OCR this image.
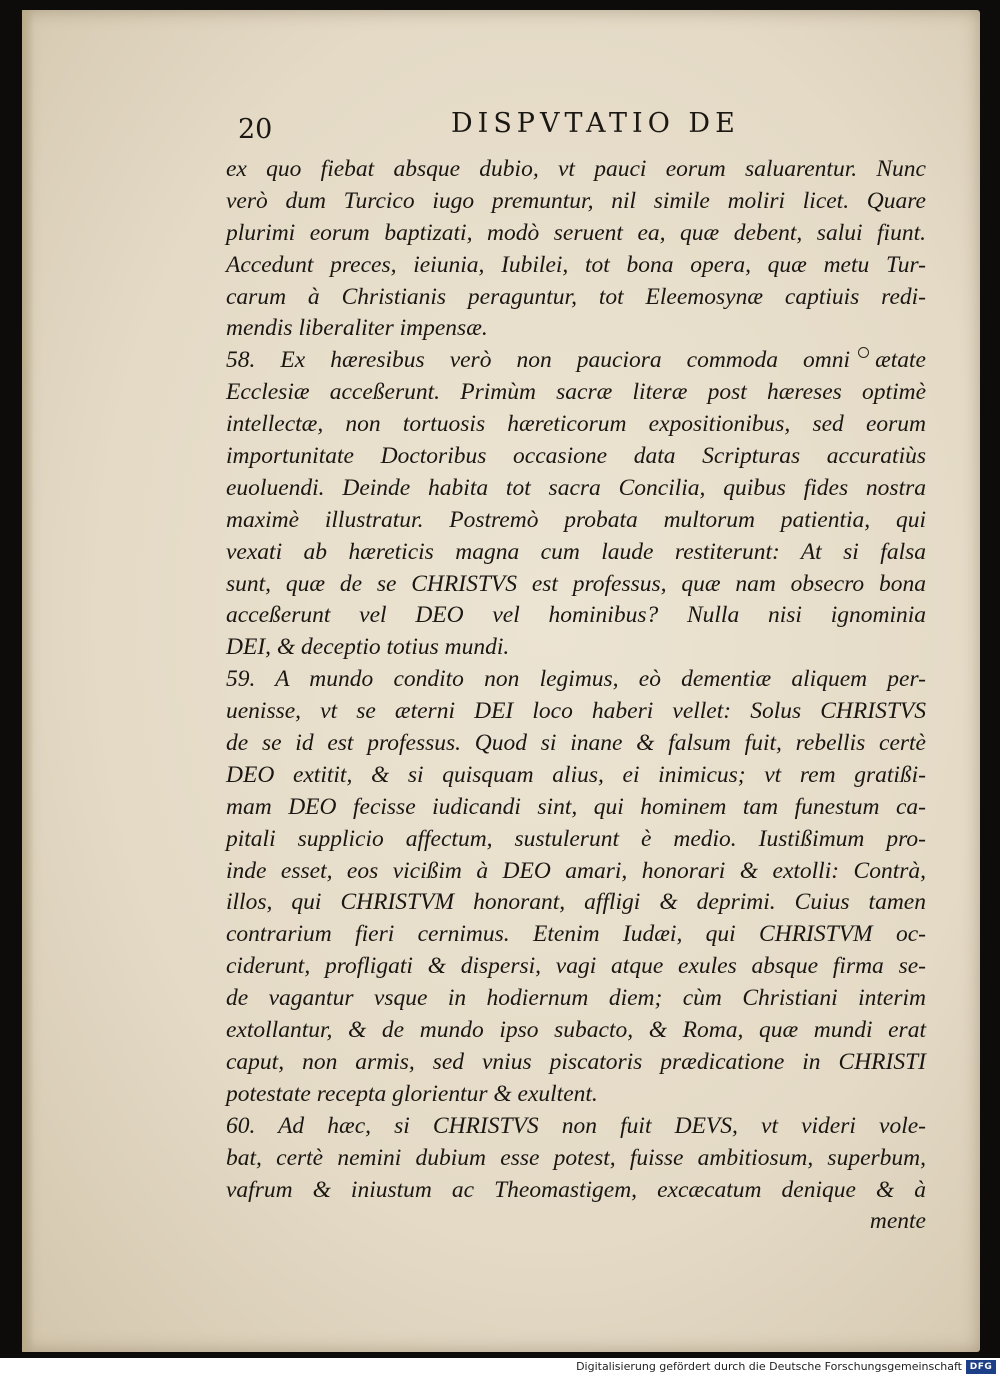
20	DISPVTATIO DE
ex quo fiebat absque dubio, vt pauci eorum saluarentur. Nunc
verò dum Turcico iugo premuntur, nil simile moliri licet. Quare
plurimi eorum baptizati, modò seruent ea, quæ debent, salui fiunt.
Accedunt preces, ieiunia, Iubilei, tot bona opera, quæ metu Tur-
carum à Christianis peraguntur, tot Eleemosynæ captiuis redi-
mendis liberaliter impensæ.
58. Ex hæresibus verò non pauciora commoda omni ætate
Ecclesiæ acceßerunt. Primùm sacræ literæ post hæreses optimè
intellectæ, non tortuosis hæreticorum expositionibus, sed eorum
importunitate Doctoribus occasione data Scripturas accuratiùs
euoluendi. Deinde habita tot sacra Concilia, quibus fides nostra
maximè illustratur. Postremò probata multorum patientia, qui
vexati ab hæreticis magna cum laude restiterunt: At si falsa
sunt, quæ de se CHRISTVS est professus, quæ nam obsecro bona
acceßerunt vel DEO vel hominibus? Nulla nisi ignominia
DEI, & deceptio totius mundi.
59. A mundo condito non legimus, eò dementiæ aliquem per-
uenisse, vt se æterni DEI loco haberi vellet: Solus CHRISTVS
de se id est professus. Quod si inane & falsum fuit, rebellis certè
DEO extitit, & si quisquam alius, ei inimicus; vt rem gratißi-
mam DEO fecisse iudicandi sint, qui hominem tam funestum ca-
pitali supplicio affectum, sustulerunt è medio. Iustißimum pro-
inde esset, eos vicißim à DEO amari, honorari & extolli: Contrà,
illos, qui CHRISTVM honorant, affligi & deprimi. Cuius tamen
contrarium fieri cernimus. Etenim Iudæi, qui CHRISTVM oc-
ciderunt, profligati & dispersi, vagi atque exules absque firma se-
de vagantur vsque in hodiernum diem; cùm Christiani interim
extollantur, & de mundo ipso subacto, & Roma, quæ mundi erat
caput, non armis, sed vnius piscatoris prædicatione in CHRISTI
potestate recepta glorientur & exultent.
60. Ad hæc, si CHRISTVS non fuit DEVS, vt videri vole-
bat, certè nemini dubium esse potest, fuisse ambitiosum, superbum,
vafrum & iniustum ac Theomastigem, excæcatum denique & à
mente
Digitalisierung gefördert durch die Deutsche Forschungsgemeinschaft DFG
